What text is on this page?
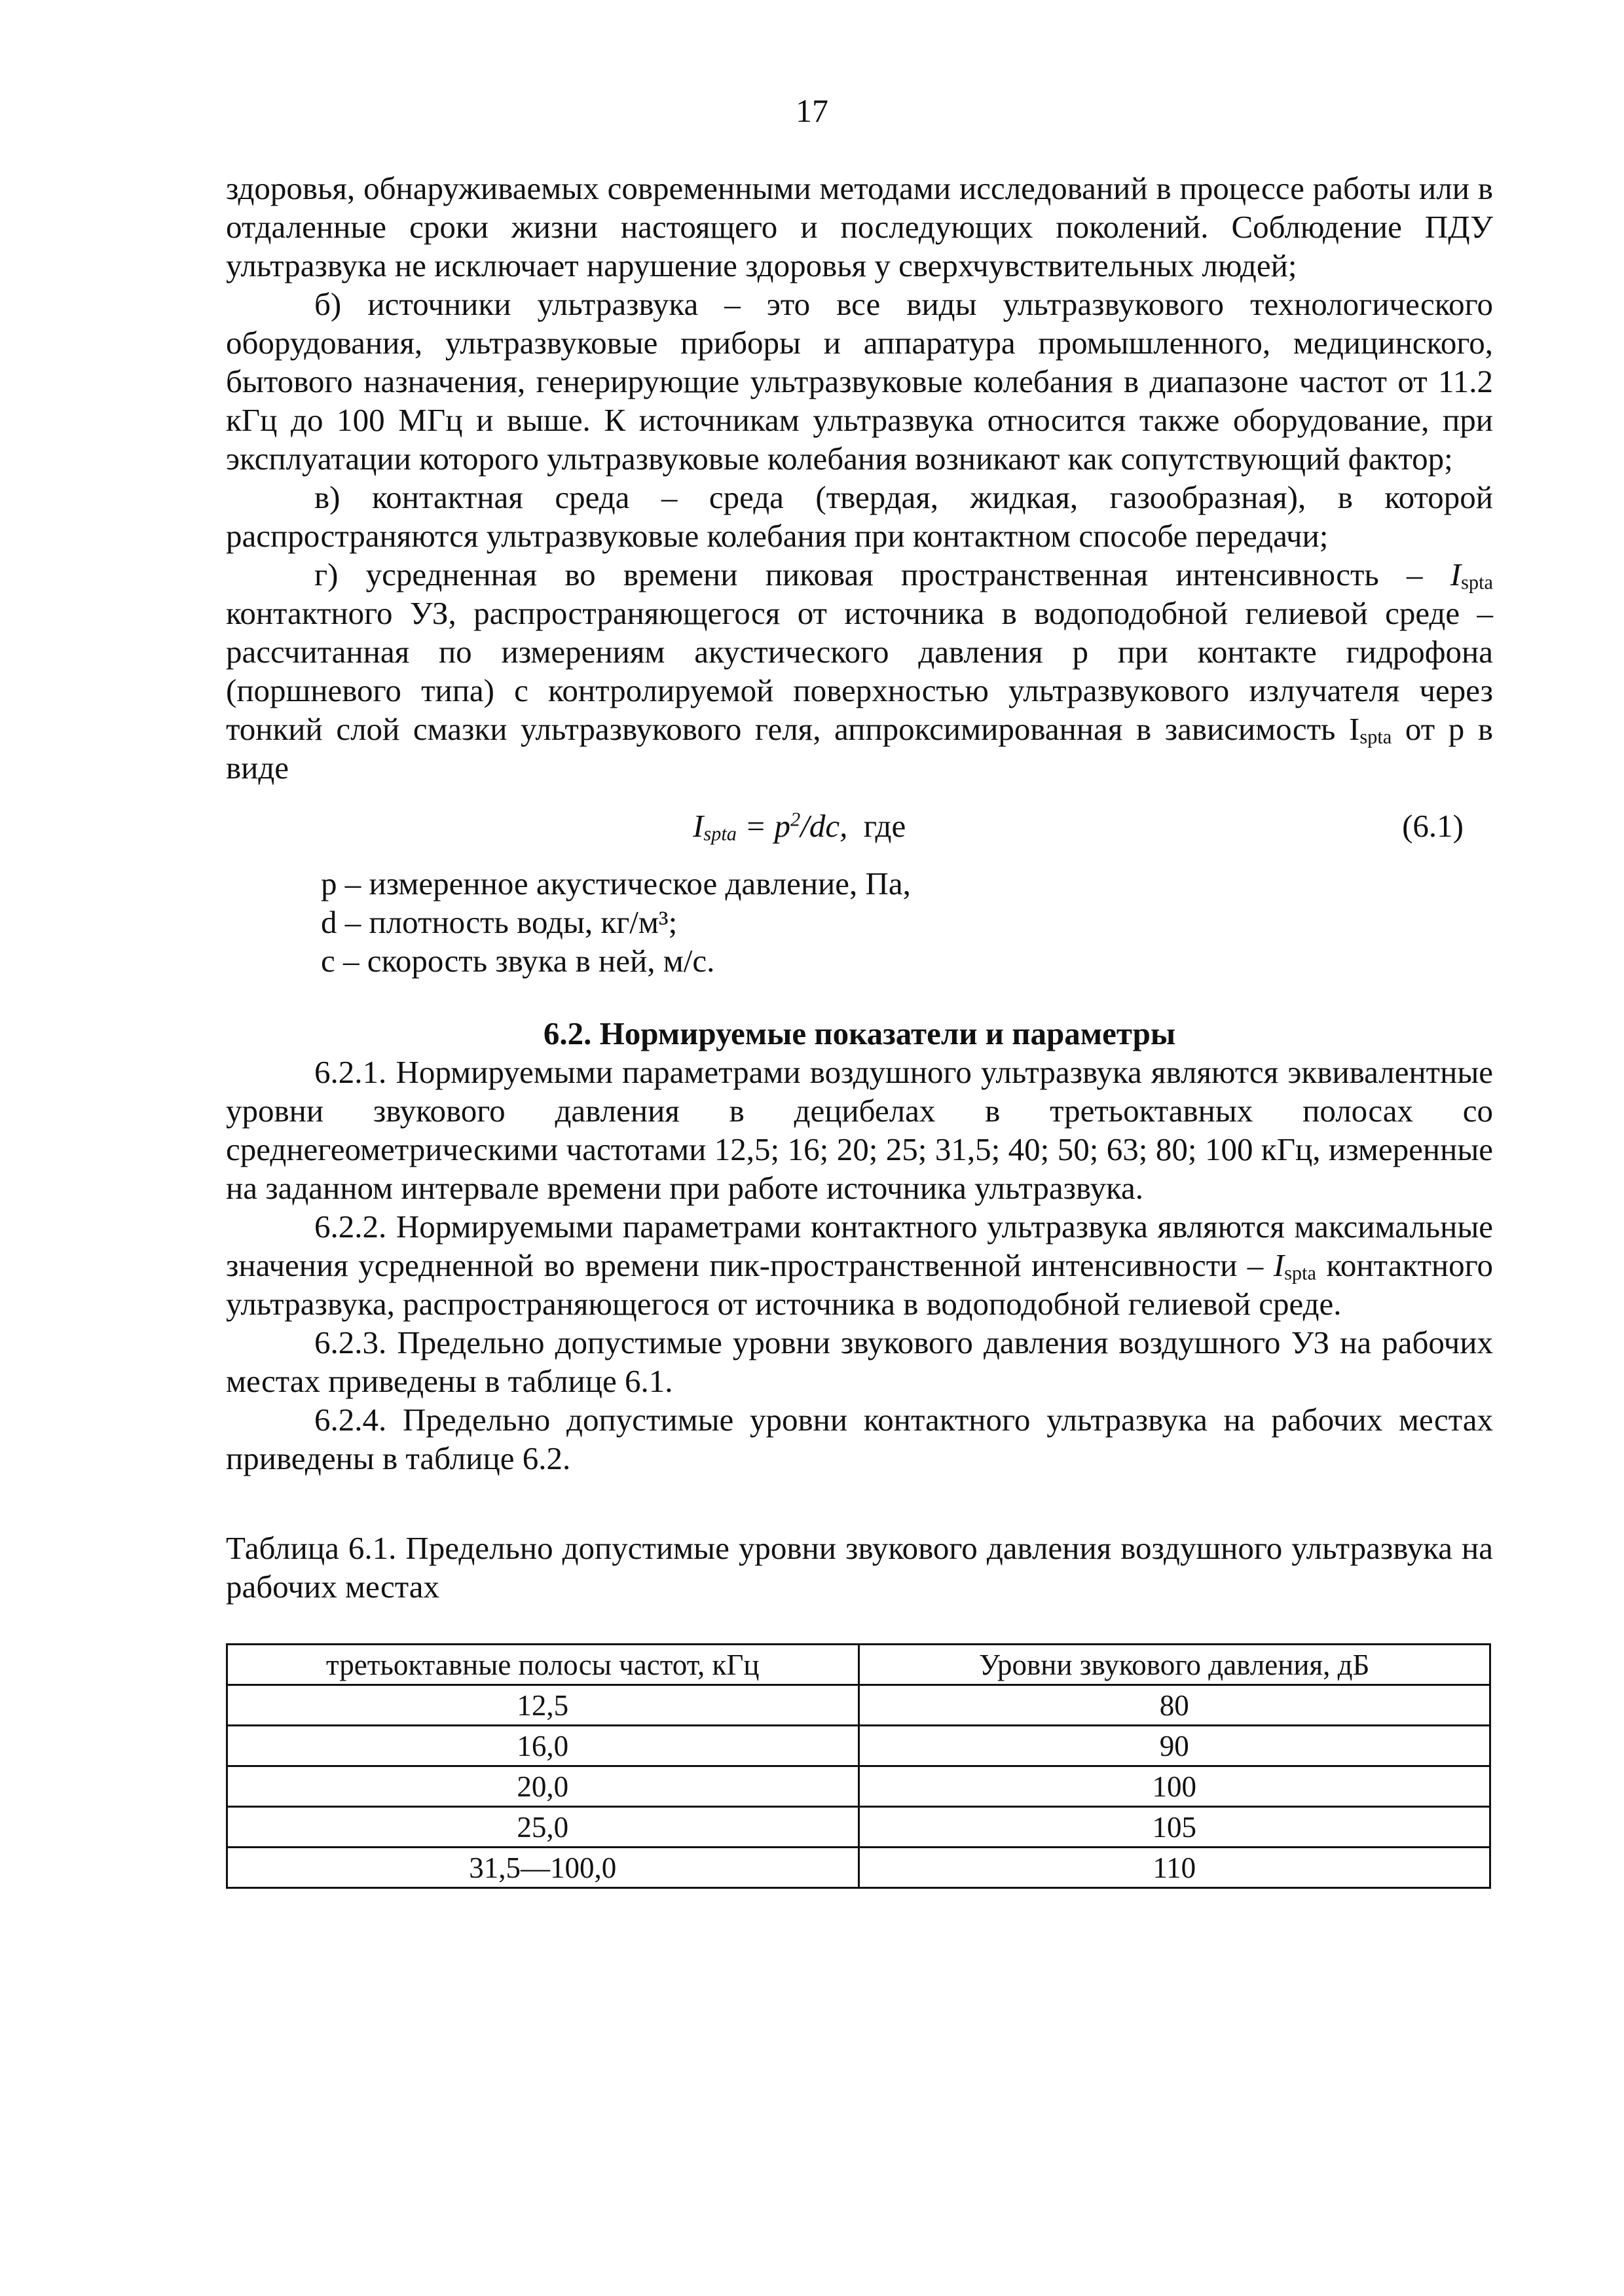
17

здоровья, обнаруживаемых современными методами исследований в процессе работы или в отдаленные сроки жизни настоящего и последующих поколений. Соблюдение ПДУ ультразвука не исключает нарушение здоровья у сверхчувствительных людей;

б) источники ультразвука – это все виды ультразвукового технологического оборудования, ультразвуковые приборы и аппаратура промышленного, медицинского, бытового назначения, генерирующие ультразвуковые колебания в диапазоне частот от 11.2 кГц до 100 МГц и выше. К источникам ультразвука относится также оборудование, при эксплуатации которого ультразвуковые колебания возникают как сопутствующий фактор;

в) контактная среда – среда (твердая, жидкая, газообразная), в которой распространяются ультразвуковые колебания при контактном способе передачи;

г) усредненная во времени пиковая пространственная интенсивность – $I_{spta}$ контактного УЗ, распространяющегося от источника в водоподобной гелиевой среде – рассчитанная по измерениям акустического давления р при контакте гидрофона (поршневого типа) с контролируемой поверхностью ультразвукового излучателя через тонкий слой смазки ультразвукового геля, аппроксимированная в зависимость $I_{spta}$ от р в виде

$I_{spta} = p^2/dc$, где	(6.1)

р – измеренное акустическое давление, Па,

d – плотность воды, кг/м³;

с – скорость звука в ней, м/с.

6.2. Нормируемые показатели и параметры

6.2.1. Нормируемыми параметрами воздушного ультразвука являются эквивалентные уровни звукового давления в децибелах в третьоктавных полосах со среднегеометрическими частотами 12,5; 16; 20; 25; 31,5; 40; 50; 63; 80; 100 кГц, измеренные на заданном интервале времени при работе источника ультразвука.

6.2.2. Нормируемыми параметрами контактного ультразвука являются максимальные значения усредненной во времени пик-пространственной интенсивности – $I_{spta}$ контактного ультразвука, распространяющегося от источника в водоподобной гелиевой среде.

6.2.3. Предельно допустимые уровни звукового давления воздушного УЗ на рабочих местах приведены в таблице 6.1.

6.2.4. Предельно допустимые уровни контактного ультразвука на рабочих местах приведены в таблице 6.2.

Таблица 6.1. Предельно допустимые уровни звукового давления воздушного ультразвука на рабочих местах

третьоктавные полосы частот, кГц	Уровни звукового давления, дБ
12,5	80
16,0	90
20,0	100
25,0	105
31,5—100,0	110
